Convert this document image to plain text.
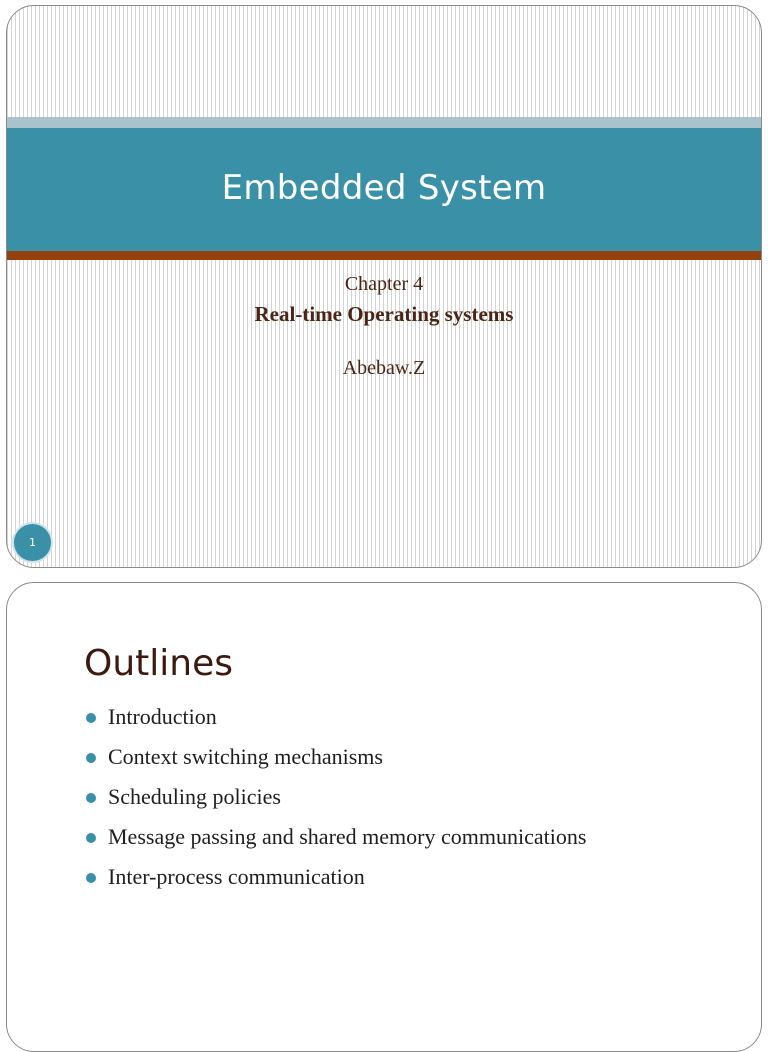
Embedded System
Chapter 4
Real-time Operating systems
Abebaw.Z
1
Outlines
Introduction
Context switching mechanisms
Scheduling policies
Message passing and shared memory communications
Inter-process communication
